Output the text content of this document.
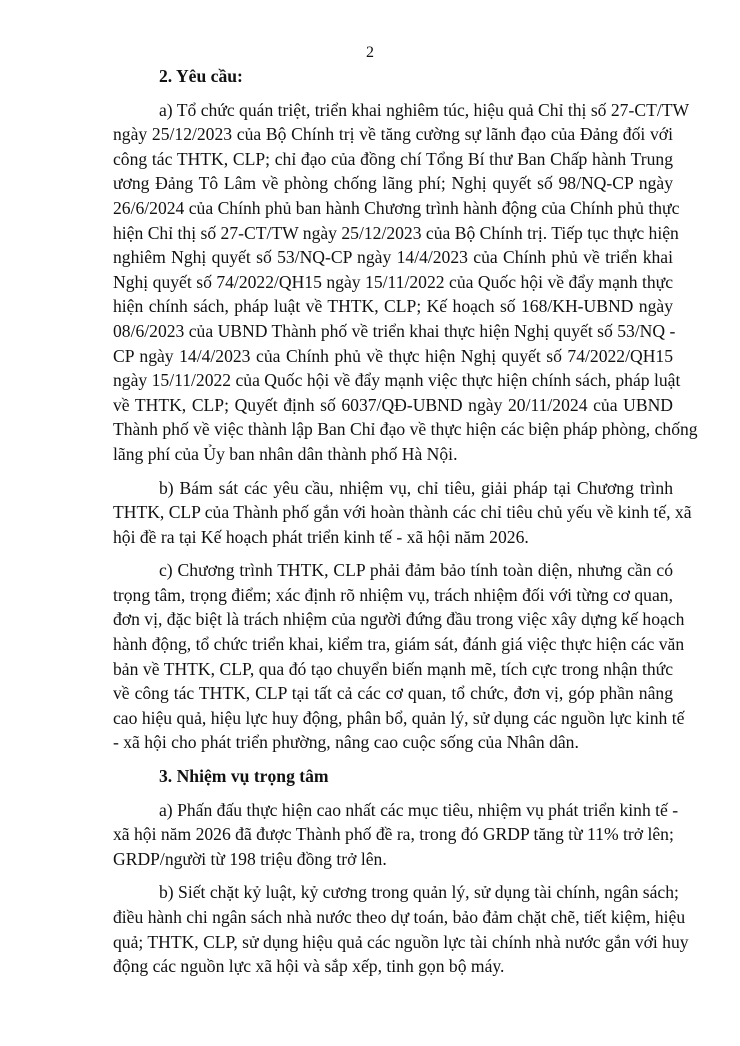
2
2. Yêu cầu:
a) Tổ chức quán triệt, triển khai nghiêm túc, hiệu quả Chỉ thị số 27-CT/TW
ngày 25/12/2023 của Bộ Chính trị về tăng cường sự lãnh đạo của Đảng đối với
công tác THTK, CLP; chỉ đạo của đồng chí Tổng Bí thư Ban Chấp hành Trung
ương Đảng Tô Lâm về phòng chống lãng phí; Nghị quyết số 98/NQ-CP ngày
26/6/2024 của Chính phủ ban hành Chương trình hành động của Chính phủ thực
hiện Chỉ thị số 27-CT/TW ngày 25/12/2023 của Bộ Chính trị. Tiếp tục thực hiện
nghiêm Nghị quyết số 53/NQ-CP ngày 14/4/2023 của Chính phủ về triển khai
Nghị quyết số 74/2022/QH15 ngày 15/11/2022 của Quốc hội về đẩy mạnh thực
hiện chính sách, pháp luật về THTK, CLP; Kế hoạch số 168/KH-UBND ngày
08/6/2023 của UBND Thành phố về triển khai thực hiện Nghị quyết số 53/NQ -
CP ngày 14/4/2023 của Chính phủ về thực hiện Nghị quyết số 74/2022/QH15
ngày 15/11/2022 của Quốc hội về đẩy mạnh việc thực hiện chính sách, pháp luật
về THTK, CLP; Quyết định số 6037/QĐ-UBND ngày 20/11/2024 của UBND
Thành phố về việc thành lập Ban Chỉ đạo về thực hiện các biện pháp phòng, chống
lãng phí của Ủy ban nhân dân thành phố Hà Nội.
b) Bám sát các yêu cầu, nhiệm vụ, chỉ tiêu, giải pháp tại Chương trình
THTK, CLP của Thành phố gắn với hoàn thành các chỉ tiêu chủ yếu về kinh tế, xã
hội đề ra tại Kế hoạch phát triển kinh tế - xã hội năm 2026.
c) Chương trình THTK, CLP phải đảm bảo tính toàn diện, nhưng cần có
trọng tâm, trọng điểm; xác định rõ nhiệm vụ, trách nhiệm đối với từng cơ quan,
đơn vị, đặc biệt là trách nhiệm của người đứng đầu trong việc xây dựng kế hoạch
hành động, tổ chức triển khai, kiểm tra, giám sát, đánh giá việc thực hiện các văn
bản về THTK, CLP, qua đó tạo chuyển biến mạnh mẽ, tích cực trong nhận thức
về công tác THTK, CLP tại tất cả các cơ quan, tổ chức, đơn vị, góp phần nâng
cao hiệu quả, hiệu lực huy động, phân bổ, quản lý, sử dụng các nguồn lực kinh tế
- xã hội cho phát triển phường, nâng cao cuộc sống của Nhân dân.
3. Nhiệm vụ trọng tâm
a) Phấn đấu thực hiện cao nhất các mục tiêu, nhiệm vụ phát triển kinh tế -
xã hội năm 2026 đã được Thành phố đề ra, trong đó GRDP tăng từ 11% trở lên;
GRDP/người từ 198 triệu đồng trở lên.
b) Siết chặt kỷ luật, kỷ cương trong quản lý, sử dụng tài chính, ngân sách;
điều hành chi ngân sách nhà nước theo dự toán, bảo đảm chặt chẽ, tiết kiệm, hiệu
quả; THTK, CLP, sử dụng hiệu quả các nguồn lực tài chính nhà nước gắn với huy
động các nguồn lực xã hội và sắp xếp, tinh gọn bộ máy.
